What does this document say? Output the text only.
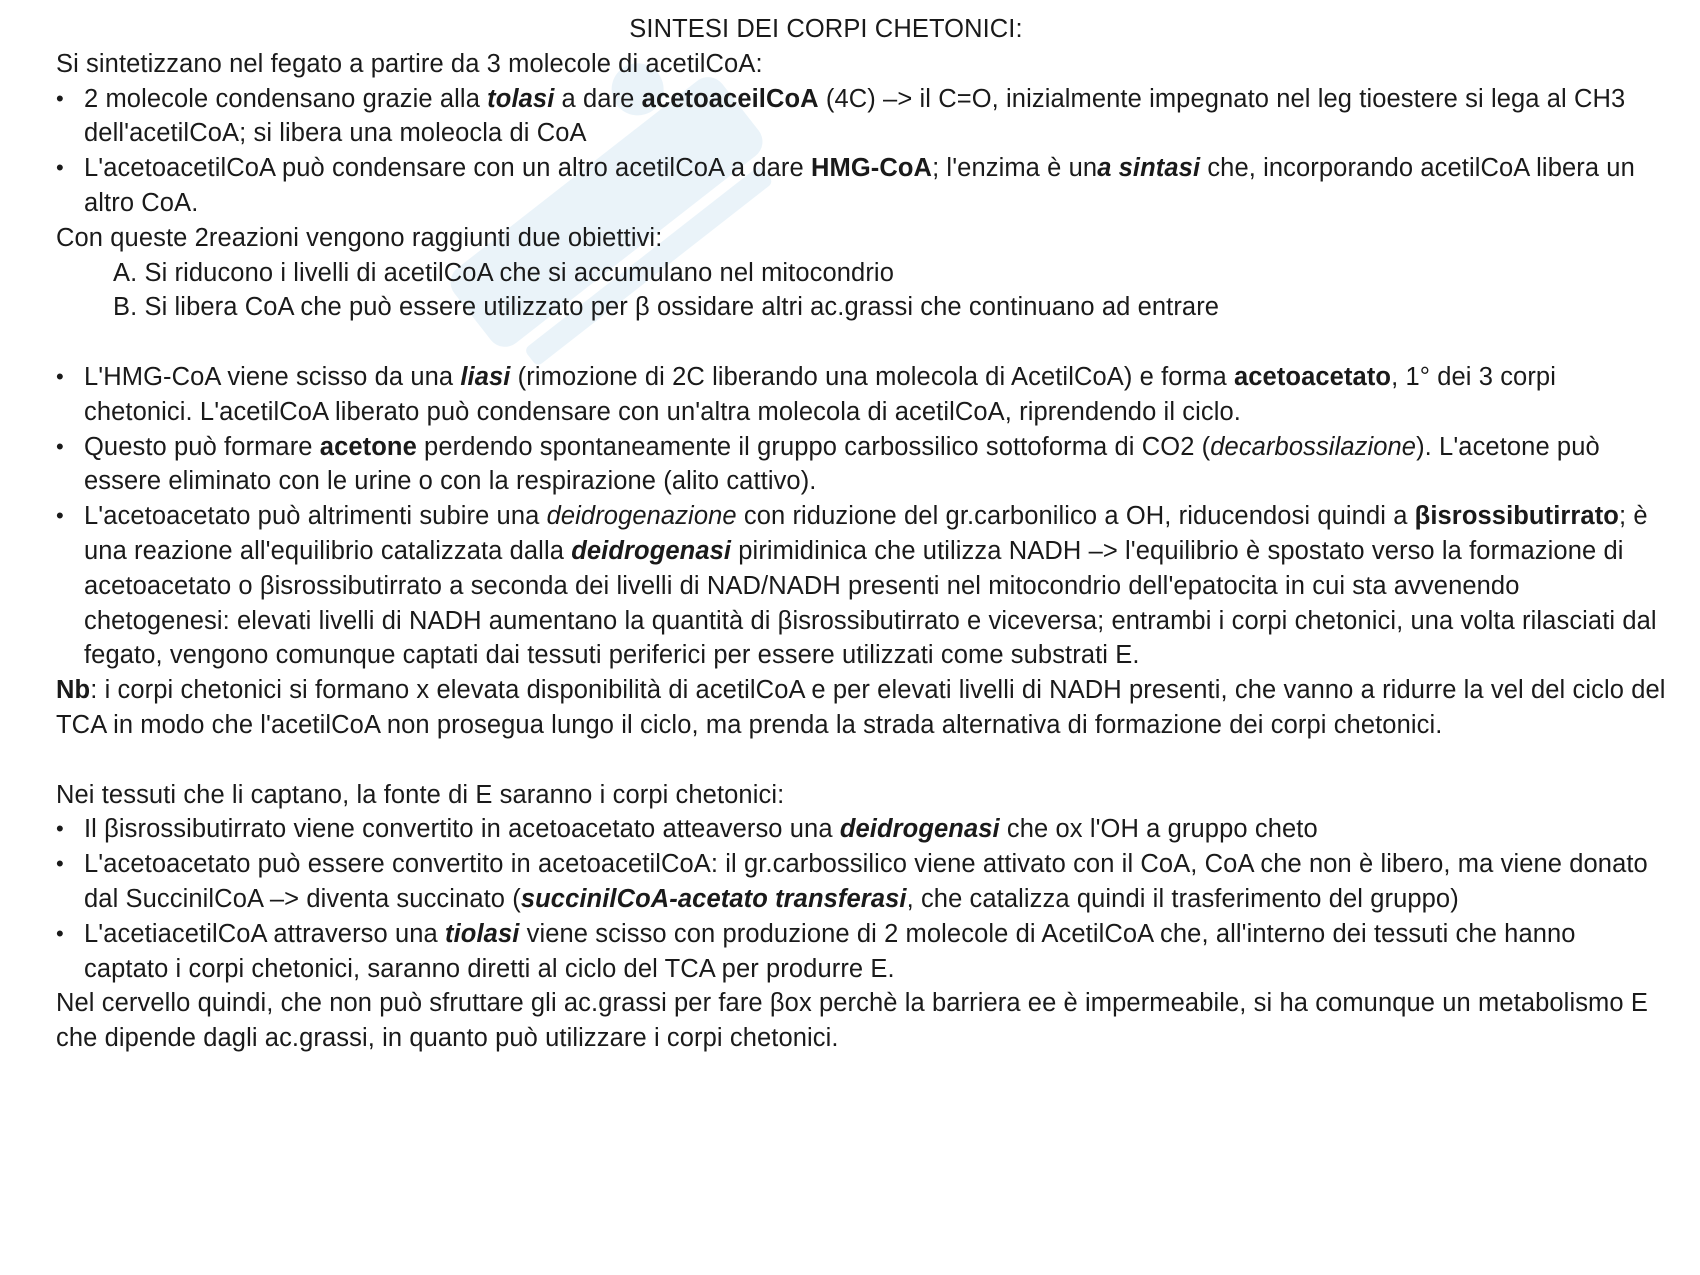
SINTESI DEI CORPI CHETONICI:

Si sintetizzano nel fegato a partire da 3 molecole di acetilCoA:

• 2 molecole condensano grazie alla tolasi a dare acetoaceilCoA (4C) –> il C=O, inizialmente impegnato nel leg tioestere si lega al CH3 dell'acetilCoA; si libera una moleocla di CoA

• L'acetoacetilCoA può condensare con un altro acetilCoA a dare HMG-CoA; l'enzima è una sintasi che, incorporando acetilCoA libera un altro CoA.

Con queste 2reazioni vengono raggiunti due obiettivi:

A. Si riducono i livelli di acetilCoA che si accumulano nel mitocondrio

B. Si libera CoA che può essere utilizzato per β ossidare altri ac.grassi che continuano ad entrare

• L'HMG-CoA viene scisso da una liasi (rimozione di 2C liberando una molecola di AcetilCoA) e forma acetoacetato, 1° dei 3 corpi chetonici. L'acetilCoA liberato può condensare con un'altra molecola di acetilCoA, riprendendo il ciclo.

• Questo può formare acetone perdendo spontaneamente il gruppo carbossilico sottoforma di CO2 (decarbossilazione). L'acetone può essere eliminato con le urine o con la respirazione (alito cattivo).

• L'acetoacetato può altrimenti subire una deidrogenazione con riduzione del gr.carbonilico a OH, riducendosi quindi a βisrossibutirrato; è una reazione all'equilibrio catalizzata dalla deidrogenasi pirimidinica che utilizza NADH –> l'equilibrio è spostato verso la formazione di acetoacetato o βisrossibutirrato a seconda dei livelli di NAD/NADH presenti nel mitocondrio dell'epatocita in cui sta avvenendo chetogenesi: elevati livelli di NADH aumentano la quantità di βisrossibutirrato e viceversa; entrambi i corpi chetonici, una volta rilasciati dal fegato, vengono comunque captati dai tessuti periferici per essere utilizzati come substrati E.

Nb: i corpi chetonici si formano x elevata disponibilità di acetilCoA e per elevati livelli di NADH presenti, che vanno a ridurre la vel del ciclo del TCA in modo che l'acetilCoA non prosegua lungo il ciclo, ma prenda la strada alternativa di formazione dei corpi chetonici.

Nei tessuti che li captano, la fonte di E saranno i corpi chetonici:

• Il βisrossibutirrato viene convertito in acetoacetato atteaverso una deidrogenasi che ox l'OH a gruppo cheto

• L'acetoacetato può essere convertito in acetoacetilCoA: il gr.carbossilico viene attivato con il CoA, CoA che non è libero, ma viene donato dal SuccinilCoA –> diventa succinato (succinilCoA-acetato transferasi, che catalizza quindi il trasferimento del gruppo)

• L'acetiacetilCoA attraverso una tiolasi viene scisso con produzione di 2 molecole di AcetilCoA che, all'interno dei tessuti che hanno captato i corpi chetonici, saranno diretti al ciclo del TCA per produrre E.

Nel cervello quindi, che non può sfruttare gli ac.grassi per fare βox perchè la barriera ee è impermeabile, si ha comunque un metabolismo E che dipende dagli ac.grassi, in quanto può utilizzare i corpi chetonici.
